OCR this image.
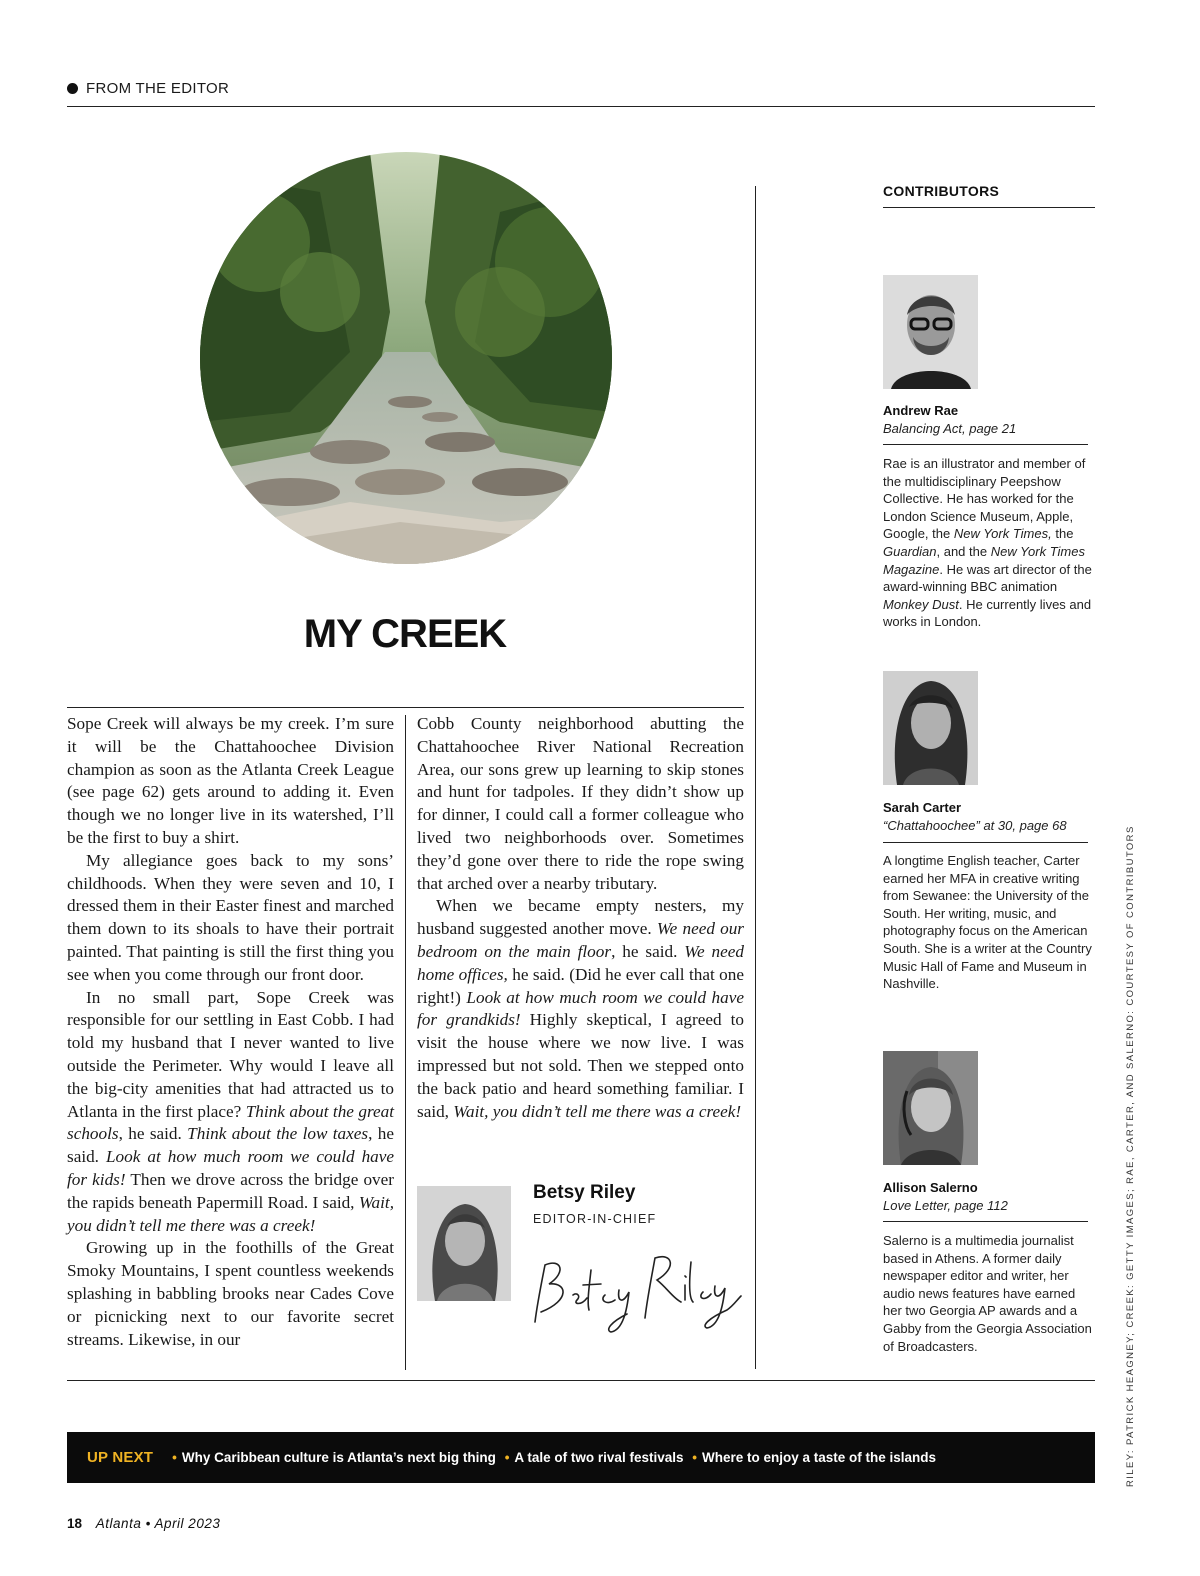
FROM THE EDITOR
MY CREEK

Sope Creek will always be my creek. I’m sure it will be the Chattahoochee Division champion as soon as the Atlanta Creek League (see page 62) gets around to adding it. Even though we no longer live in its watershed, I’ll be the first to buy a shirt.

My allegiance goes back to my sons’ childhoods. When they were seven and 10, I dressed them in their Easter finest and marched them down to its shoals to have their portrait painted. That painting is still the first thing you see when you come through our front door.

In no small part, Sope Creek was responsible for our settling in East Cobb. I had told my husband that I never wanted to live outside the Perimeter. Why would I leave all the big-city amenities that had attracted us to Atlanta in the first place? Think about the great schools, he said. Think about the low taxes, he said. Look at how much room we could have for kids! Then we drove across the bridge over the rapids beneath Papermill Road. I said, Wait, you didn’t tell me there was a creek!

Growing up in the foothills of the Great Smoky Mountains, I spent countless weekends splashing in babbling brooks near Cades Cove or picnicking next to our favorite secret streams. Likewise, in our

Cobb County neighborhood abutting the Chattahoochee River National Recreation Area, our sons grew up learning to skip stones and hunt for tadpoles. If they didn’t show up for dinner, I could call a former colleague who lived two neighborhoods over. Sometimes they’d gone over there to ride the rope swing that arched over a nearby tributary.

When we became empty nesters, my husband suggested another move. We need our bedroom on the main floor, he said. We need home offices, he said. (Did he ever call that one right!) Look at how much room we could have for grandkids! Highly skeptical, I agreed to visit the house where we now live. I was impressed but not sold. Then we stepped onto the back patio and heard something familiar. I said, Wait, you didn’t tell me there was a creek!

Betsy Riley
EDITOR-IN-CHIEF
CONTRIBUTORS
Andrew Rae
Balancing Act, page 21

Rae is an illustrator and member of the multidisciplinary Peepshow Collective. He has worked for the London Science Museum, Apple, Google, the New York Times, the Guardian, and the New York Times Magazine. He was art director of the award-winning BBC animation Monkey Dust. He currently lives and works in London.

Sarah Carter
“Chattahoochee” at 30, page 68

A longtime English teacher, Carter earned her MFA in creative writing from Sewanee: the University of the South. Her writing, music, and photography focus on the American South. She is a writer at the Country Music Hall of Fame and Museum in Nashville.

Allison Salerno
Love Letter, page 112

Salerno is a multimedia journalist based in Athens. A former daily newspaper editor and writer, her audio news features have earned her two Georgia AP awards and a Gabby from the Georgia Association of Broadcasters.

UP NEXT	• Why Caribbean culture is Atlanta’s next big thing • A tale of two rival festivals • Where to enjoy a taste of the islands
18 Atlanta • April 2023
RILEY: PATRICK HEAGNEY; CREEK: GETTY IMAGES; RAE, CARTER, AND SALERNO: COURTESY OF CONTRIBUTORS
